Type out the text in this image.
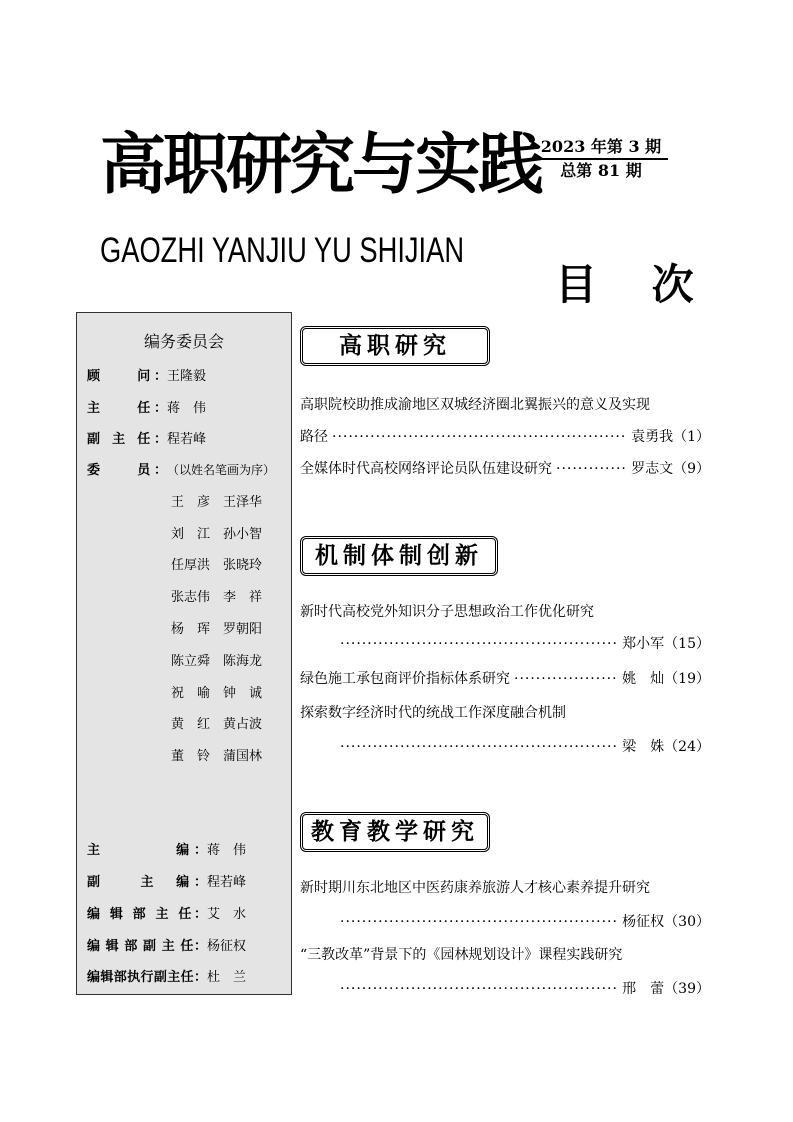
高职研究与实践
GAOZHI YANJIU YU SHIJIAN
2023 年第 3 期
总第 81 期
目 次
编务委员会
顾　　问：王隆毅
主　　任：蒋　伟
副 主 任：程若峰
委　　员：（以姓名笔画为序）
王　彦　王泽华
刘　江　孙小智
任厚洪　张晓玲
张志伟　李　祥
杨　珲　罗朝阳
陈立舜　陈海龙
祝　喻　钟　诚
黄　红　黄占波
董　铃　蒲国林
主　　　　编：蒋　伟
副　　主　编：程若峰
编 辑 部 主 任：艾　水
编 辑 部 副 主 任：杨征权
编辑部执行副主任：杜　兰
高职研究
高职院校助推成渝地区双城经济圈北翼振兴的意义及实现
路径 ·····	袁勇我（1）
全媒体时代高校网络评论员队伍建设研究 ·····	罗志文（9）
机制体制创新
新时代高校党外知识分子思想政治工作优化研究
·····
郑小军（15）
绿色施工承包商评价指标体系研究 ·····	姚　灿（19）
探索数字经济时代的统战工作深度融合机制
·····
梁　姝（24）
教育教学研究
新时期川东北地区中医药康养旅游人才核心素养提升研究
·····
杨征权（30）
“三教改革”背景下的《园林规划设计》课程实践研究
·····
邢　蕾（39）
